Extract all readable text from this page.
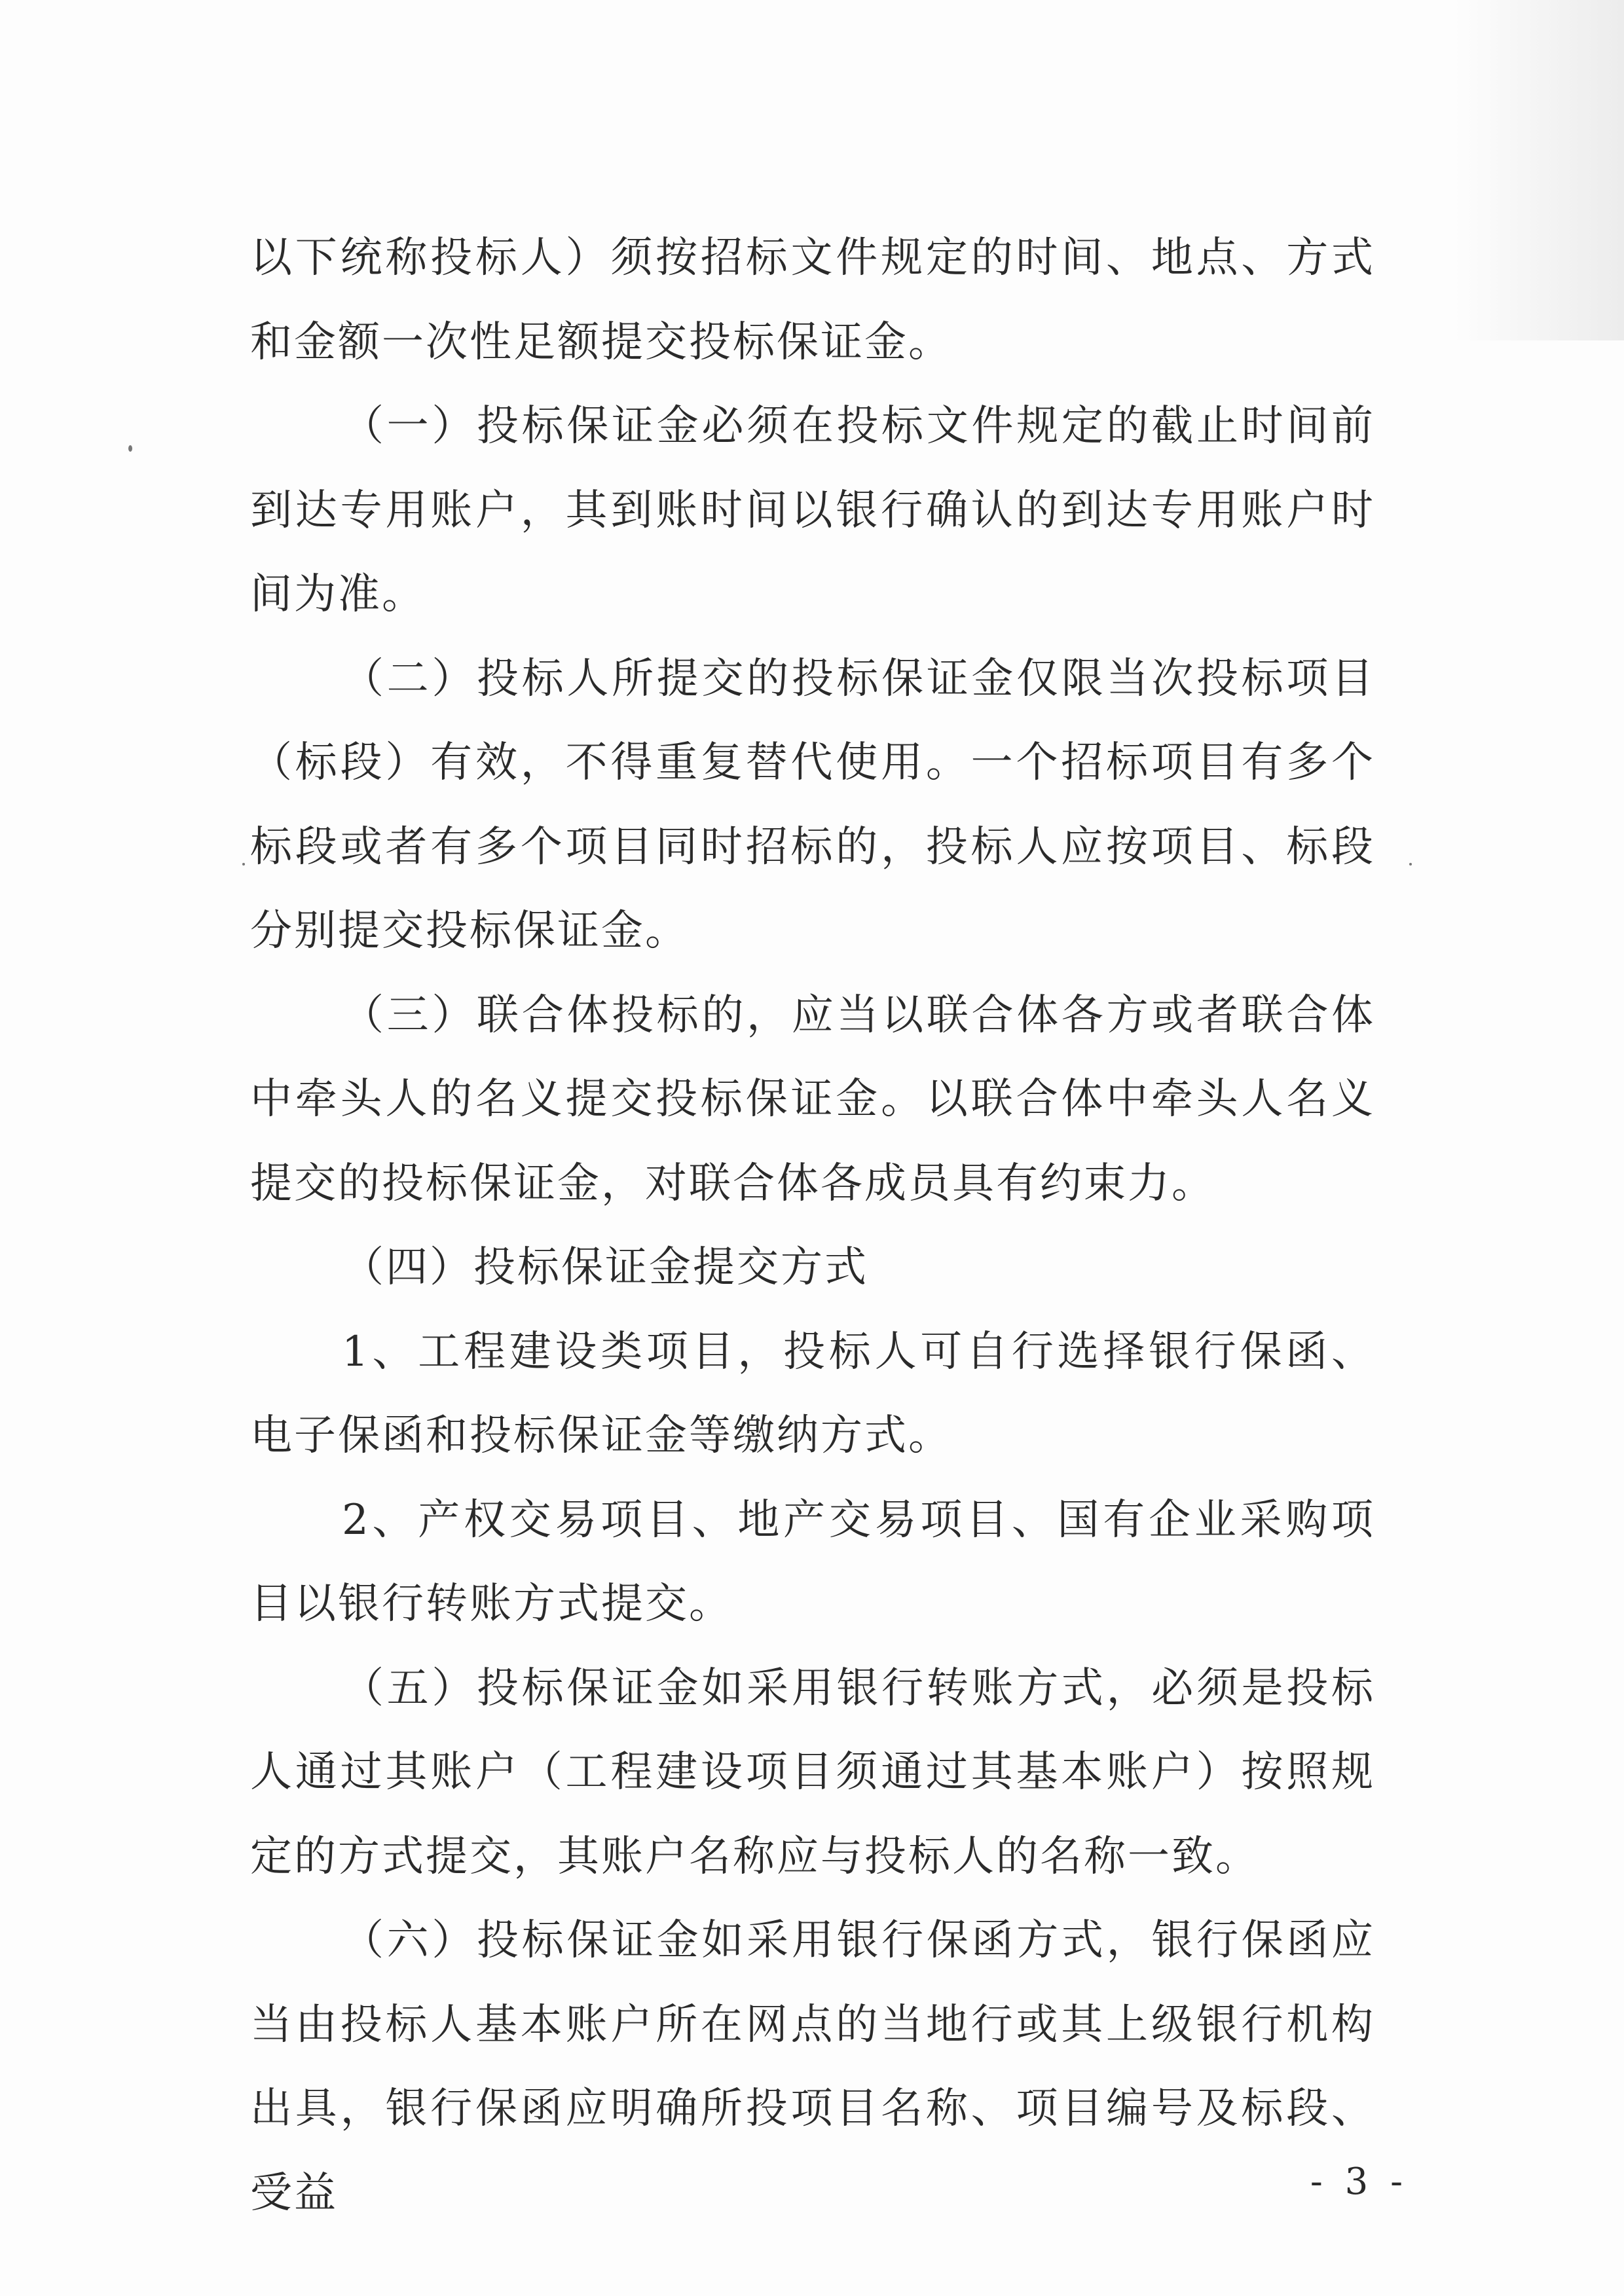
以下统称投标人）须按招标文件规定的时间、地点、方式和金额一次性足额提交投标保证金。

（一）投标保证金必须在投标文件规定的截止时间前到达专用账户，其到账时间以银行确认的到达专用账户时间为准。

（二）投标人所提交的投标保证金仅限当次投标项目（标段）有效，不得重复替代使用。一个招标项目有多个标段或者有多个项目同时招标的，投标人应按项目、标段分别提交投标保证金。

（三）联合体投标的，应当以联合体各方或者联合体中牵头人的名义提交投标保证金。以联合体中牵头人名义提交的投标保证金，对联合体各成员具有约束力。

（四）投标保证金提交方式

1、工程建设类项目，投标人可自行选择银行保函、电子保函和投标保证金等缴纳方式。

2、产权交易项目、地产交易项目、国有企业采购项目以银行转账方式提交。

（五）投标保证金如采用银行转账方式，必须是投标人通过其账户（工程建设项目须通过其基本账户）按照规定的方式提交，其账户名称应与投标人的名称一致。

（六）投标保证金如采用银行保函方式，银行保函应当由投标人基本账户所在网点的当地行或其上级银行机构出具，银行保函应明确所投项目名称、项目编号及标段、受益	- 3 -
